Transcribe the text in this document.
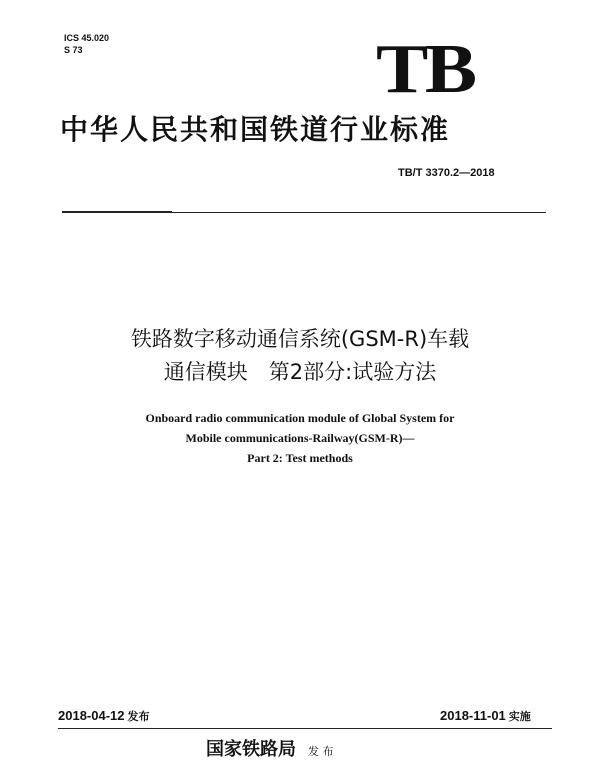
ICS 45.020
S 73	TB
中华人民共和国铁道行业标准
TB/T 3370.2—2018
铁路数字移动通信系统(GSM-R)车载
通信模块　第2部分:试验方法
Onboard radio communication module of Global System for
Mobile communications-Railway(GSM-R)—
Part 2: Test methods
2018-04-12 发布	2018-11-01 实施
国家铁路局 发 布
